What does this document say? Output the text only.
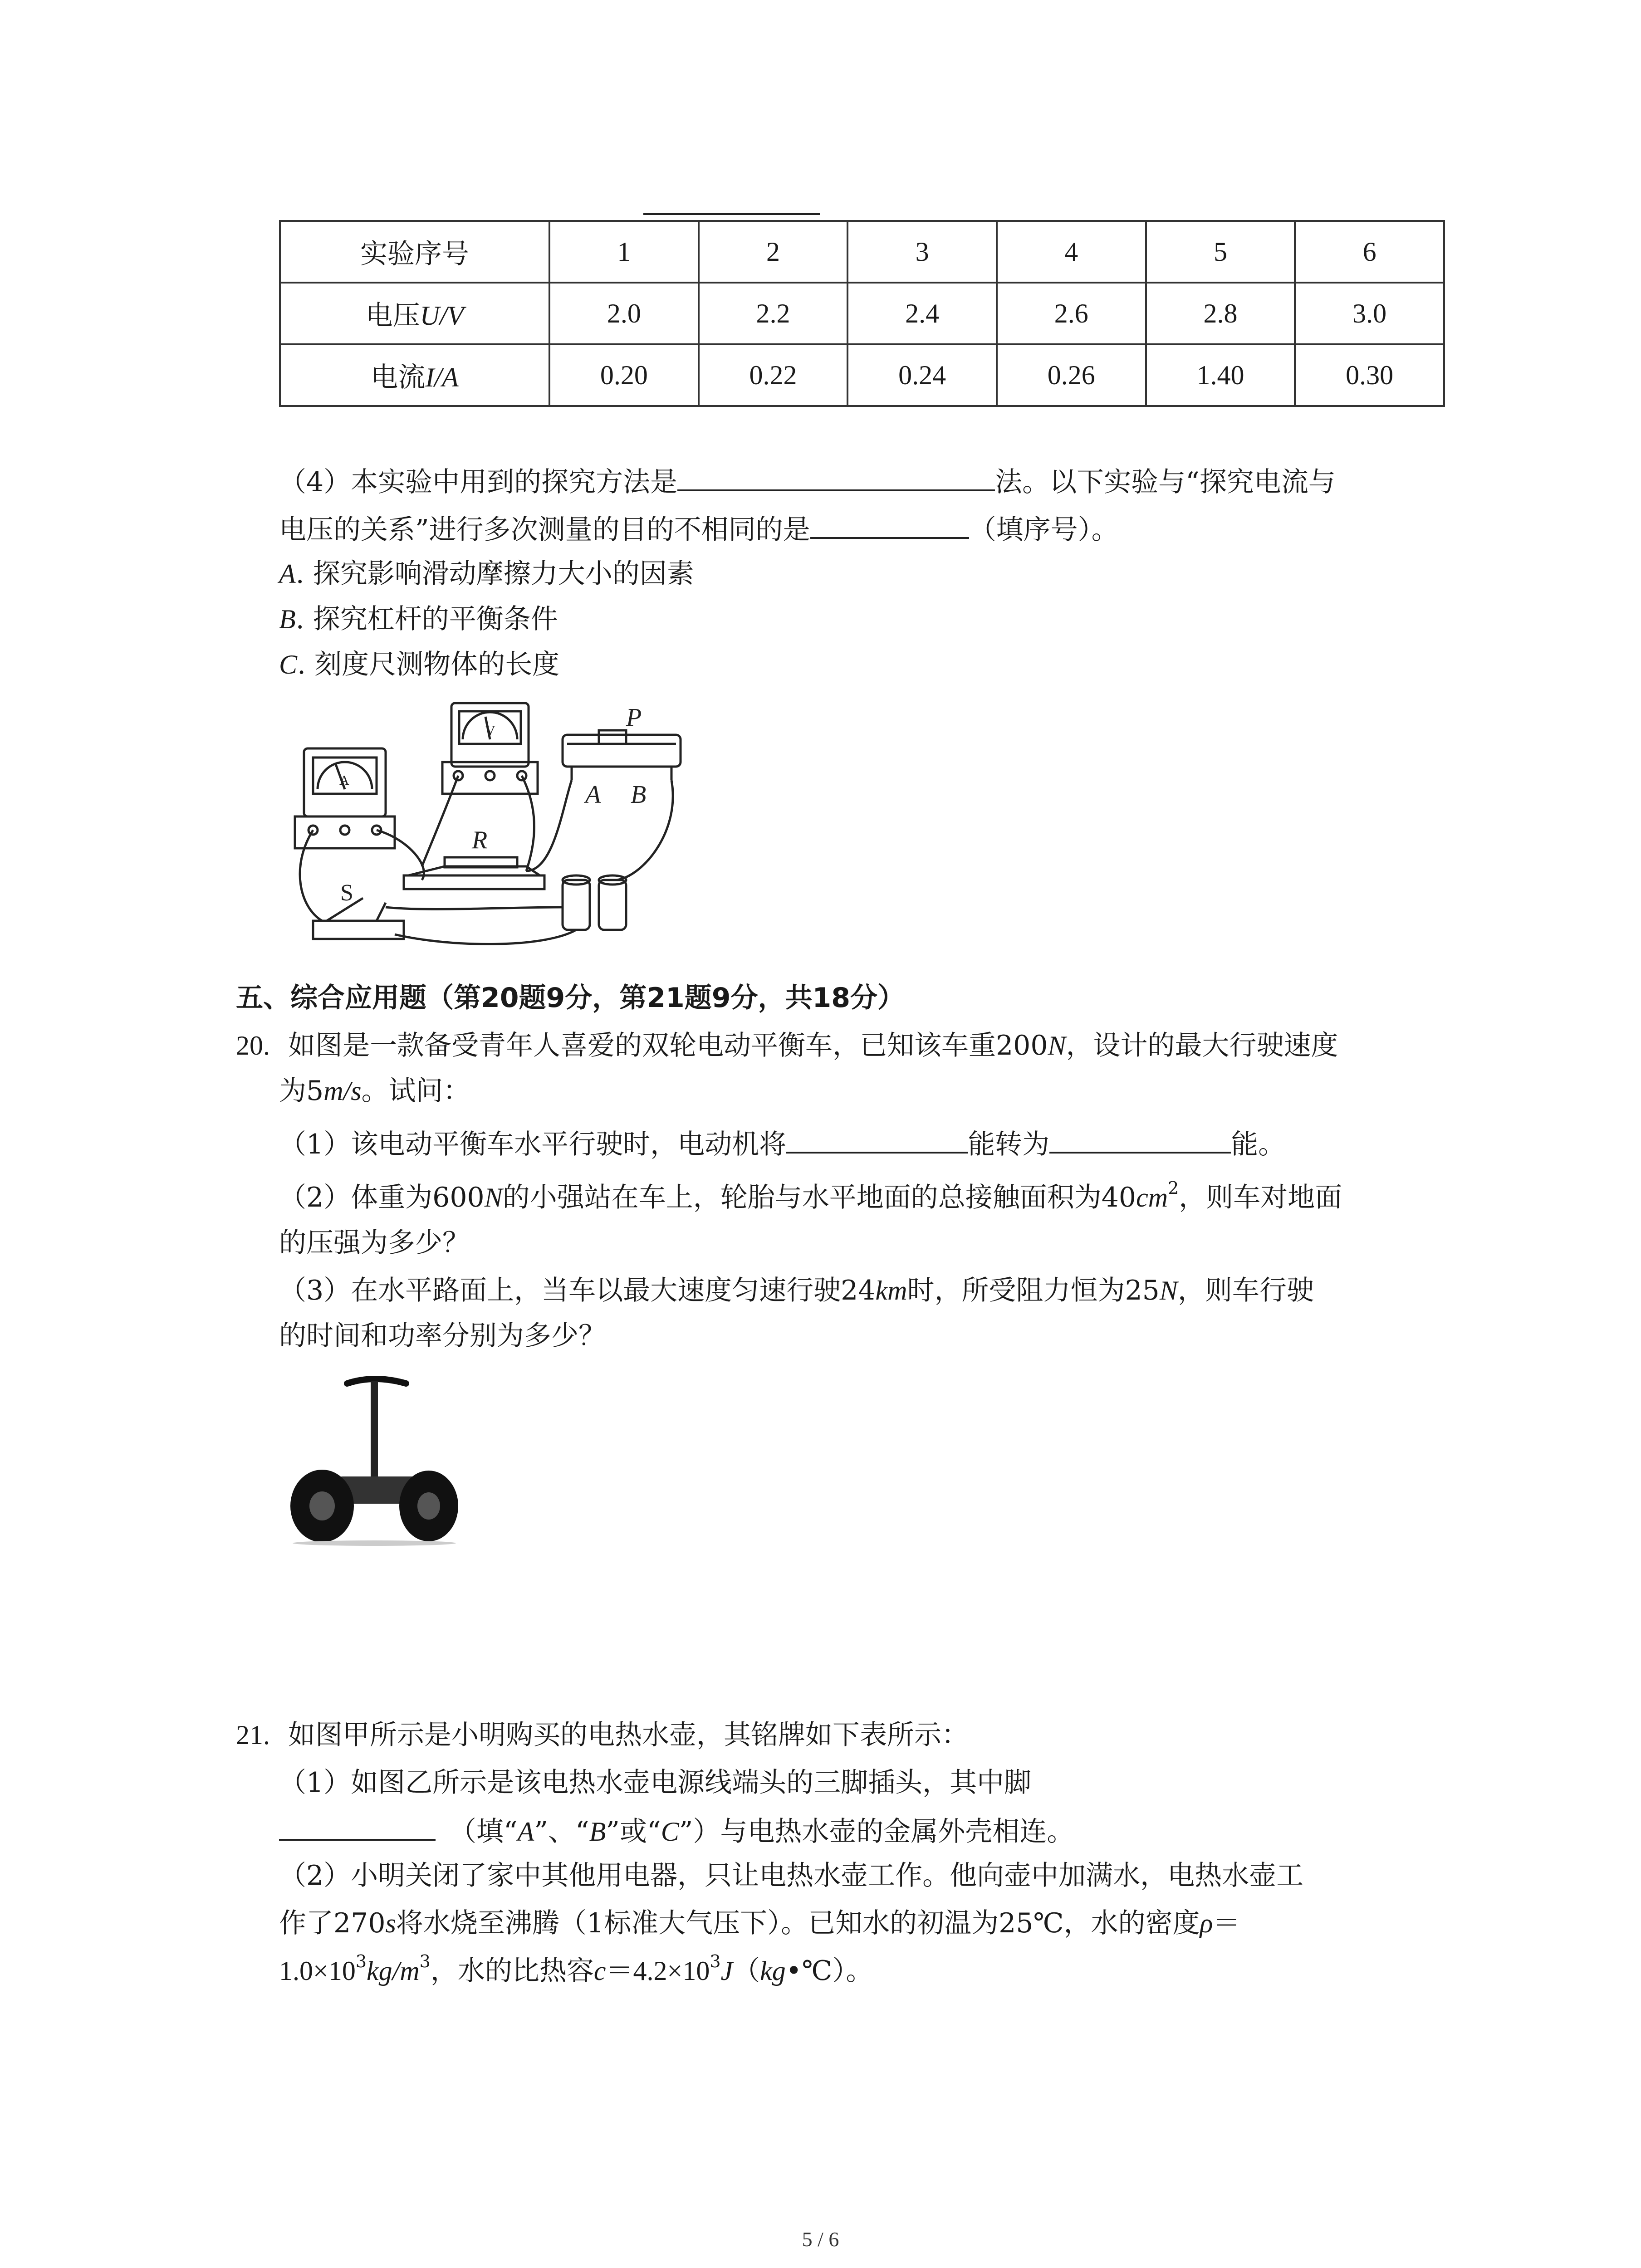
实验序号	1	2	3	4	5	6
电压U/V	2.0	2.2	2.4	2.6	2.8	3.0
电流I/A	0.20	0.22	0.24	0.26	1.40	0.30
（4）本实验中用到的探究方法是	法。以下实验与“探究电流与
电压的关系”进行多次测量的目的不相同的是	（填序号）。
A. 探究影响滑动摩擦力大小的因素
B. 探究杠杆的平衡条件
C. 刻度尺测物体的长度
P
A B
R
S
A
V
五、综合应用题（第20题9分，第21题9分，共18分）
20. 如图是一款备受青年人喜爱的双轮电动平衡车，已知该车重200N，设计的最大行驶速度
为5m/s。试问：
（1）该电动平衡车水平行驶时，电动机将	能转为	能。
（2）体重为600N的小强站在车上，轮胎与水平地面的总接触面积为$40cm^2$，则车对地面
的压强为多少？
（3）在水平路面上，当车以最大速度匀速行驶24km时，所受阻力恒为25N，则车行驶
的时间和功率分别为多少？
21. 如图甲所示是小明购买的电热水壶，其铭牌如下表所示：
（1）如图乙所示是该电热水壶电源线端头的三脚插头，其中脚
（填“A”、“B”或“C”）与电热水壶的金属外壳相连。
（2）小明关闭了家中其他用电器，只让电热水壶工作。他向壶中加满水，电热水壶工
作了270s将水烧至沸腾（1标准大气压下）。已知水的初温为25℃，水的密度ρ＝
$1.0\times 10^3kg/m^3$，水的比热容$c=4.2\times 10^3J(kg•℃)$。
5 / 6
